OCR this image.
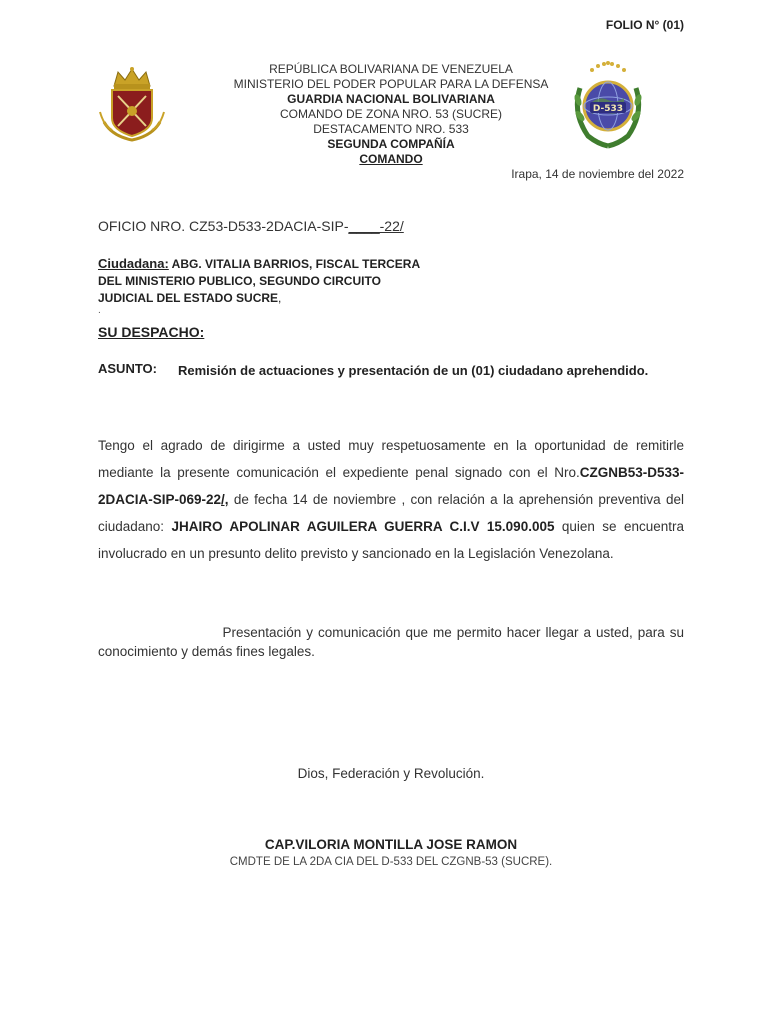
FOLIO N° (01)
REPÚBLICA BOLIVARIANA DE VENEZUELA
MINISTERIO DEL PODER POPULAR PARA LA DEFENSA
GUARDIA NACIONAL BOLIVARIANA
COMANDO DE ZONA NRO. 53 (SUCRE)
DESTACAMENTO NRO. 533
SEGUNDA COMPAÑÍA
COMANDO
D-533
Irapa, 14 de noviembre del 2022
OFICIO NRO. CZ53-D533-2DACIA-SIP-____-22/
Ciudadana: ABG. VITALIA BARRIOS, FISCAL TERCERA
DEL MINISTERIO PUBLICO, SEGUNDO CIRCUITO
JUDICIAL DEL ESTADO SUCRE,
.
SU DESPACHO:
ASUNTO: Remisión de actuaciones y presentación de un (01) ciudadano aprehendido.
Tengo el agrado de dirigirme a usted muy respetuosamente en la oportunidad de remitirle mediante la presente comunicación el expediente penal signado con el Nro.CZGNB53-D533-2DACIA-SIP-069-22/, de fecha 14 de noviembre , con relación a la aprehensión preventiva del ciudadano: JHAIRO APOLINAR AGUILERA GUERRA C.I.V 15.090.005 quien se encuentra involucrado en un presunto delito previsto y sancionado en la Legislación Venezolana.
Presentación y comunicación que me permito hacer llegar a usted, para su conocimiento y demás fines legales.
Dios, Federación y Revolución.
CAP.VILORIA MONTILLA JOSE RAMON
CMDTE DE LA 2DA CIA DEL D-533 DEL CZGNB-53 (SUCRE).
